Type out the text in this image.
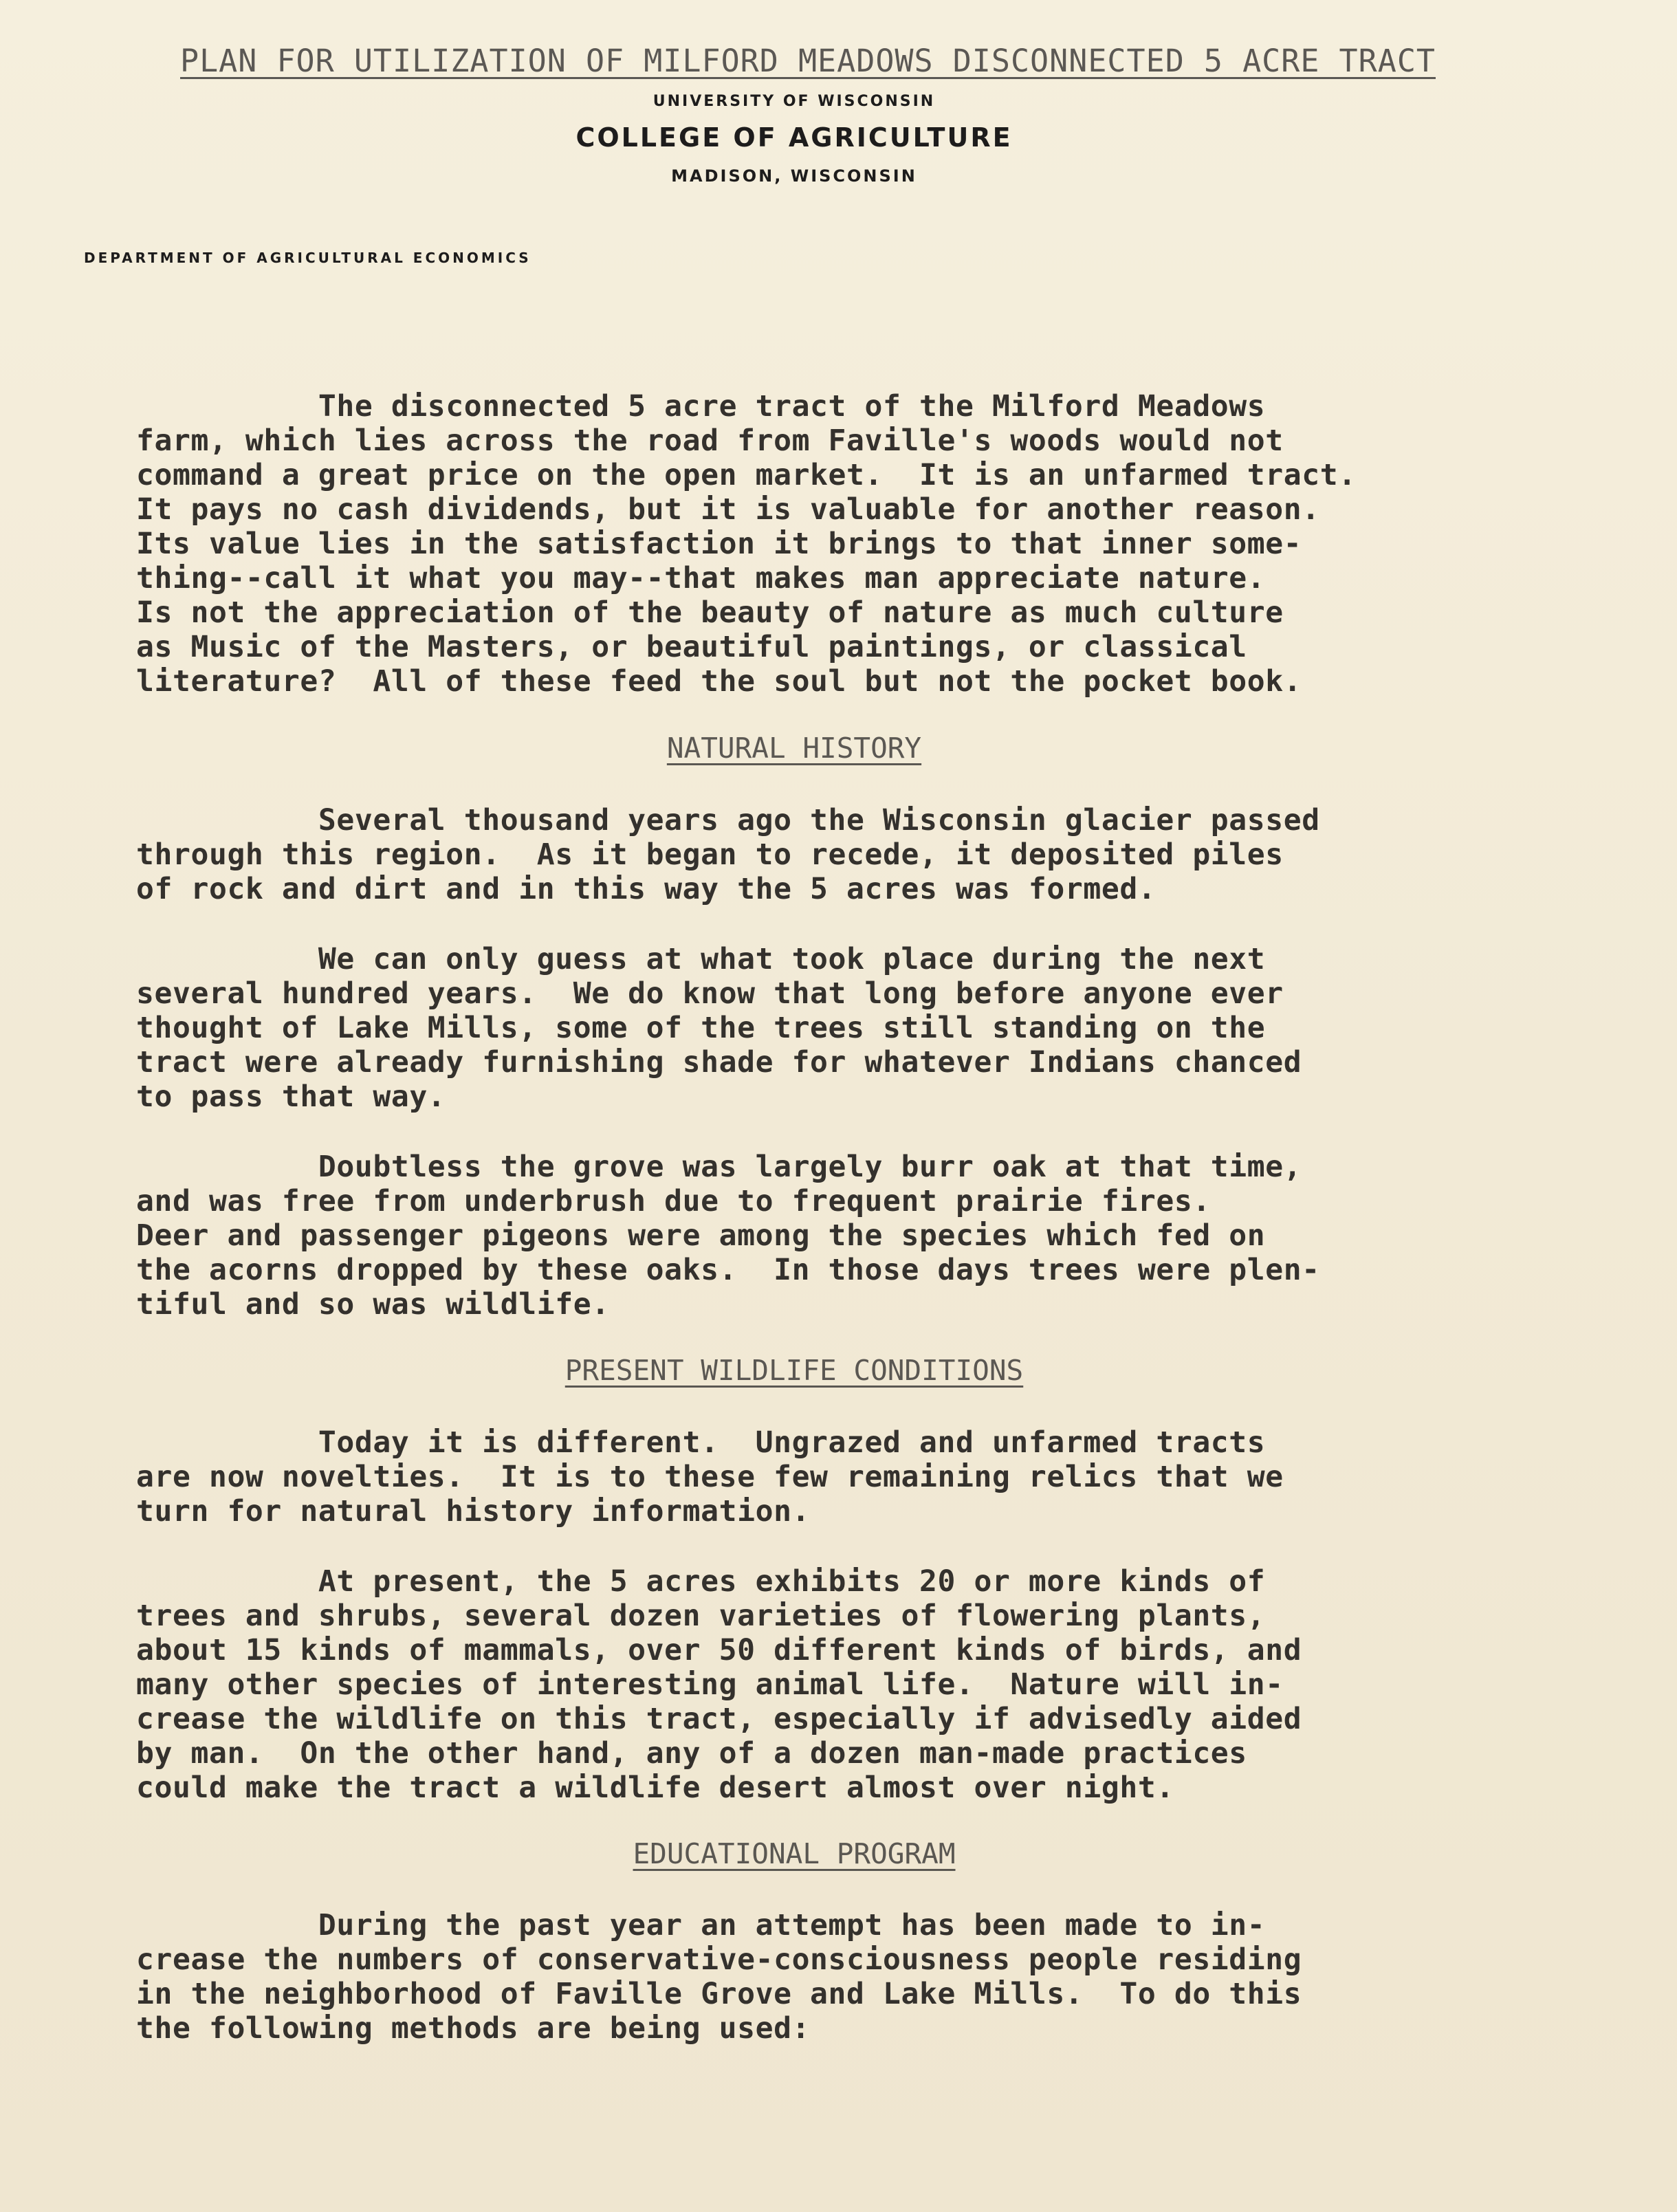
PLAN FOR UTILIZATION OF MILFORD MEADOWS DISCONNECTED 5 ACRE TRACT
UNIVERSITY OF WISCONSIN
COLLEGE OF AGRICULTURE
MADISON, WISCONSIN
DEPARTMENT OF AGRICULTURAL ECONOMICS
The disconnected 5 acre tract of the Milford Meadows
farm, which lies across the road from Faville's woods would not
command a great price on the open market.  It is an unfarmed tract.
It pays no cash dividends, but it is valuable for another reason.
Its value lies in the satisfaction it brings to that inner some-
thing--call it what you may--that makes man appreciate nature.
Is not the appreciation of the beauty of nature as much culture
as Music of the Masters, or beautiful paintings, or classical
literature?  All of these feed the soul but not the pocket book.
NATURAL HISTORY
Several thousand years ago the Wisconsin glacier passed
through this region.  As it began to recede, it deposited piles
of rock and dirt and in this way the 5 acres was formed.
We can only guess at what took place during the next
several hundred years.  We do know that long before anyone ever
thought of Lake Mills, some of the trees still standing on the
tract were already furnishing shade for whatever Indians chanced
to pass that way.
Doubtless the grove was largely burr oak at that time,
and was free from underbrush due to frequent prairie fires.
Deer and passenger pigeons were among the species which fed on
the acorns dropped by these oaks.  In those days trees were plen-
tiful and so was wildlife.
PRESENT WILDLIFE CONDITIONS
Today it is different.  Ungrazed and unfarmed tracts
are now novelties.  It is to these few remaining relics that we
turn for natural history information.
At present, the 5 acres exhibits 20 or more kinds of
trees and shrubs, several dozen varieties of flowering plants,
about 15 kinds of mammals, over 50 different kinds of birds, and
many other species of interesting animal life.  Nature will in-
crease the wildlife on this tract, especially if advisedly aided
by man.  On the other hand, any of a dozen man-made practices
could make the tract a wildlife desert almost over night.
EDUCATIONAL PROGRAM
During the past year an attempt has been made to in-
crease the numbers of conservative-consciousness people residing
in the neighborhood of Faville Grove and Lake Mills.  To do this
the following methods are being used:
